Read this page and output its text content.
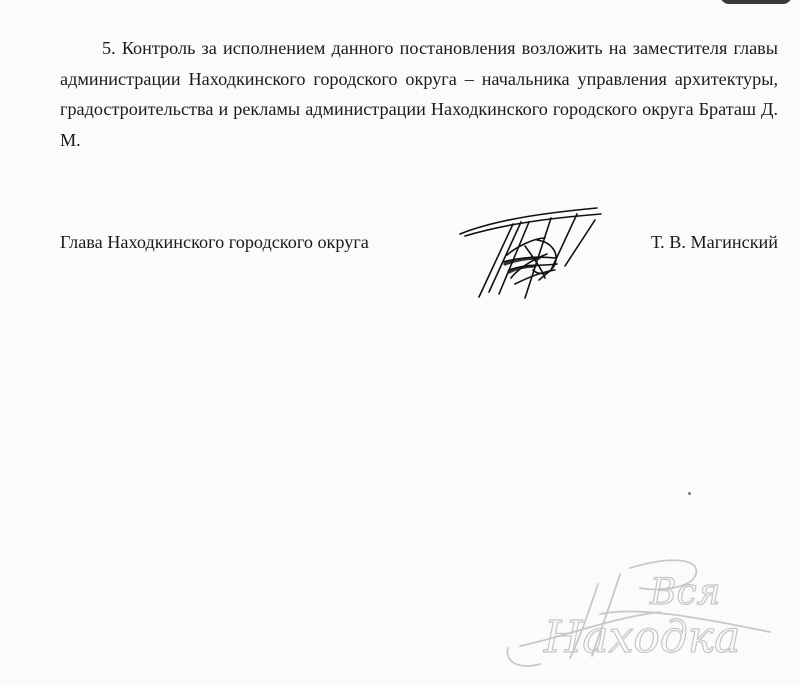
5. Контроль за исполнением данного постановления возложить на заместителя главы администрации Находкинского городского округа – начальника управления архитектуры, градостроительства и рекламы администрации Находкинского городского округа Браташ Д. М.

Глава Находкинского городского округа	Т. В. Магинский
Вся
Находка
